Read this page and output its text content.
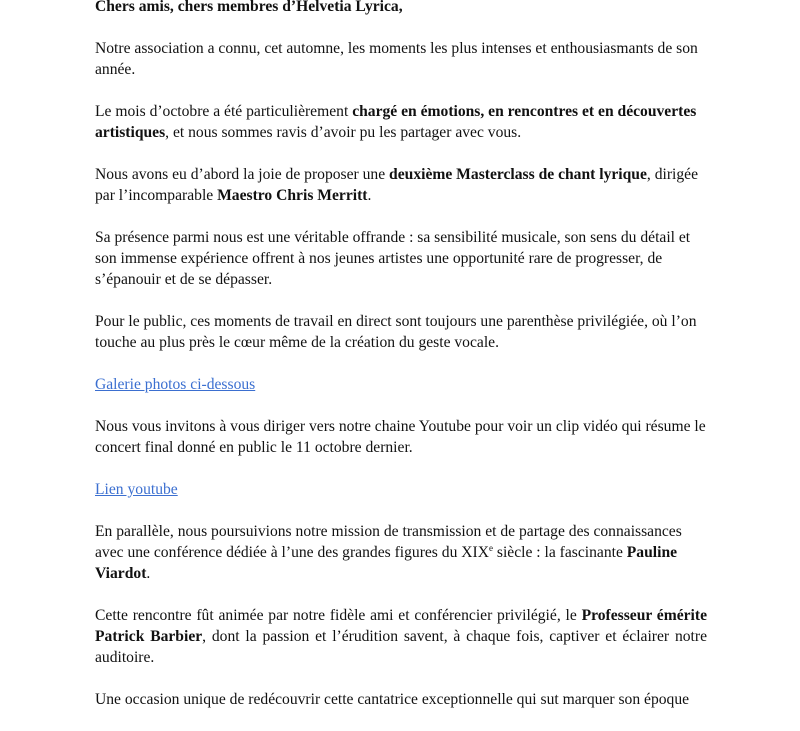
Chers amis, chers membres d’Helvetia Lyrica,

Notre association a connu, cet automne, les moments les plus intenses et enthousiasmants de son année.

Le mois d’octobre a été particulièrement chargé en émotions, en rencontres et en découvertes artistiques, et nous sommes ravis d’avoir pu les partager avec vous.

Nous avons eu d’abord la joie de proposer une deuxième Masterclass de chant lyrique, dirigée par l’incomparable Maestro Chris Merritt.

Sa présence parmi nous est une véritable offrande : sa sensibilité musicale, son sens du détail et son immense expérience offrent à nos jeunes artistes une opportunité rare de progresser, de s’épanouir et de se dépasser.

Pour le public, ces moments de travail en direct sont toujours une parenthèse privilégiée, où l’on touche au plus près le cœur même de la création du geste vocale.

Galerie photos ci-dessous

Nous vous invitons à vous diriger vers notre chaine Youtube pour voir un clip vidéo qui résume le concert final donné en public le 11 octobre dernier.

Lien youtube

En parallèle, nous poursuivions notre mission de transmission et de partage des connaissances avec une conférence dédiée à l’une des grandes figures du XIXe siècle : la fascinante Pauline Viardot.

Cette rencontre fût animée par notre fidèle ami et conférencier privilégié, le Professeur émérite Patrick Barbier, dont la passion et l’érudition savent, à chaque fois, captiver et éclairer notre auditoire.

Une occasion unique de redécouvrir cette cantatrice exceptionnelle qui sut marquer son époque
